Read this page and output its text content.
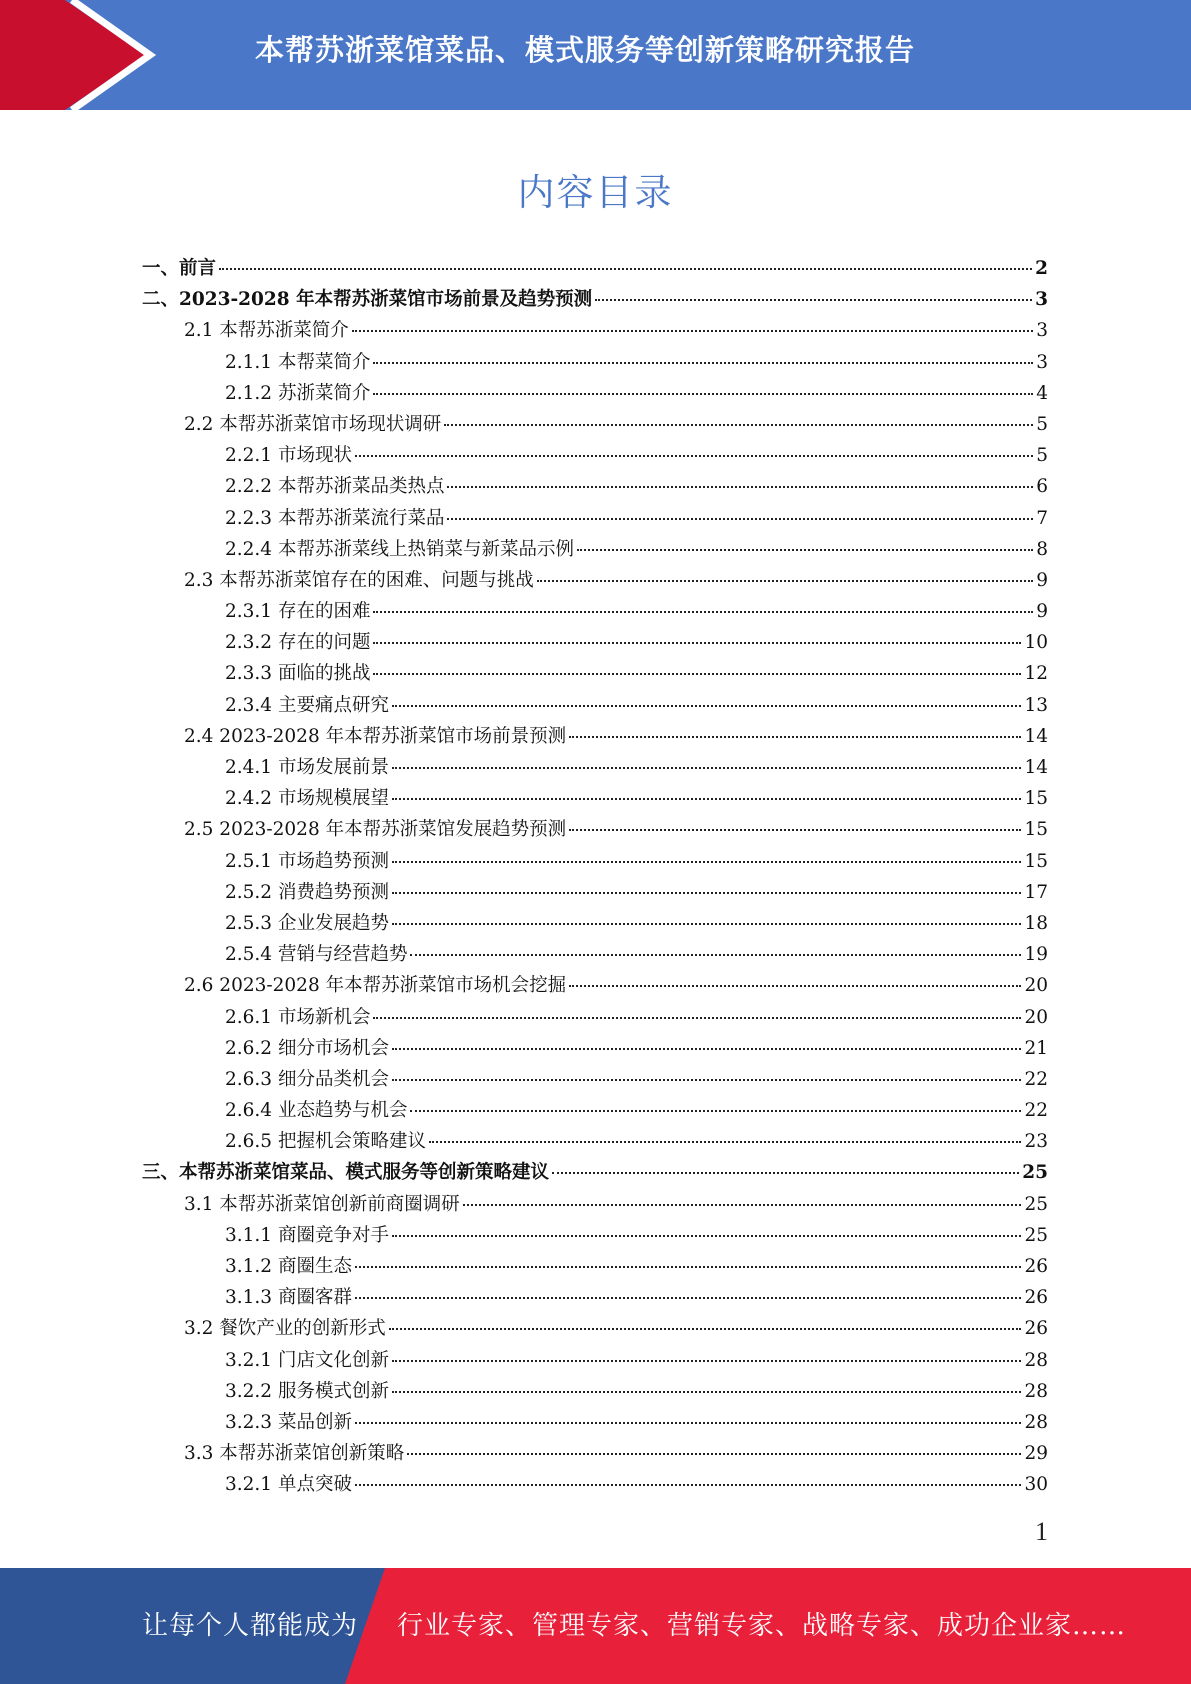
本帮苏浙菜馆菜品、模式服务等创新策略研究报告
内容目录
一、前言	2
二、2023-2028 年本帮苏浙菜馆市场前景及趋势预测	3
2.1 本帮苏浙菜简介	3
2.1.1 本帮菜简介	3
2.1.2 苏浙菜简介	4
2.2 本帮苏浙菜馆市场现状调研	5
2.2.1 市场现状	5
2.2.2 本帮苏浙菜品类热点	6
2.2.3 本帮苏浙菜流行菜品	7
2.2.4 本帮苏浙菜线上热销菜与新菜品示例	8
2.3 本帮苏浙菜馆存在的困难、问题与挑战	9
2.3.1 存在的困难	9
2.3.2 存在的问题	10
2.3.3 面临的挑战	12
2.3.4 主要痛点研究	13
2.4 2023-2028 年本帮苏浙菜馆市场前景预测	14
2.4.1 市场发展前景	14
2.4.2 市场规模展望	15
2.5 2023-2028 年本帮苏浙菜馆发展趋势预测	15
2.5.1 市场趋势预测	15
2.5.2 消费趋势预测	17
2.5.3 企业发展趋势	18
2.5.4 营销与经营趋势	19
2.6 2023-2028 年本帮苏浙菜馆市场机会挖掘	20
2.6.1 市场新机会	20
2.6.2 细分市场机会	21
2.6.3 细分品类机会	22
2.6.4 业态趋势与机会	22
2.6.5 把握机会策略建议	23
三、本帮苏浙菜馆菜品、模式服务等创新策略建议	25
3.1 本帮苏浙菜馆创新前商圈调研	25
3.1.1 商圈竞争对手	25
3.1.2 商圈生态	26
3.1.3 商圈客群	26
3.2 餐饮产业的创新形式	26
3.2.1 门店文化创新	28
3.2.2 服务模式创新	28
3.2.3 菜品创新	28
3.3 本帮苏浙菜馆创新策略	29
3.2.1 单点突破	30
1
让每个人都能成为 行业专家、管理专家、营销专家、战略专家、成功企业家……
